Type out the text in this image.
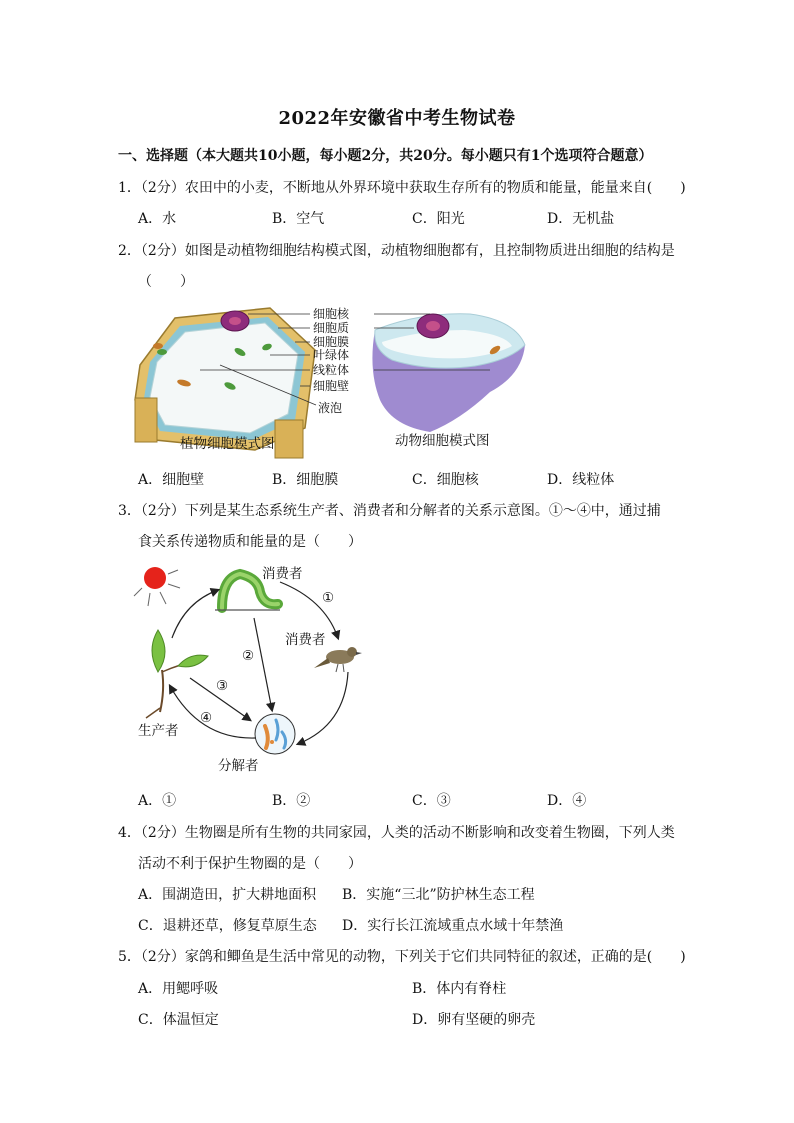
2022年安徽省中考生物试卷
一、选择题（本大题共10小题，每小题2分，共20分。每小题只有1个选项符合题意）
1．（2分）农田中的小麦，不断地从外界环境中获取生存所有的物质和能量，能量来自(　　)
A．水	B．空气	C．阳光	D．无机盐
2．（2分）如图是动植物细胞结构模式图，动植物细胞都有，且控制物质进出细胞的结构是
（　　）
细胞核
细胞质
细胞膜
叶绿体
线粒体
细胞壁
液泡
植物细胞模式图	动物细胞模式图
A．细胞壁	B．细胞膜	C．细胞核	D．线粒体
3．（2分）下列是某生态系统生产者、消费者和分解者的关系示意图。①～④中，通过捕
食关系传递物质和能量的是（　　）
消费者
消费者
生产者
分解者
①
②
③
④
A．①	B．②	C．③	D．④
4．（2分）生物圈是所有生物的共同家园，人类的活动不断影响和改变着生物圈，下列人类
活动不利于保护生物圈的是（　　）
A．围湖造田，扩大耕地面积 B．实施“三北”防护林生态工程
C．退耕还草，修复草原生态 D．实行长江流域重点水域十年禁渔
5．（2分）家鸽和鲫鱼是生活中常见的动物，下列关于它们共同特征的叙述，正确的是(　　)
A．用鳃呼吸	B．体内有脊柱
C．体温恒定	D．卵有坚硬的卵壳
